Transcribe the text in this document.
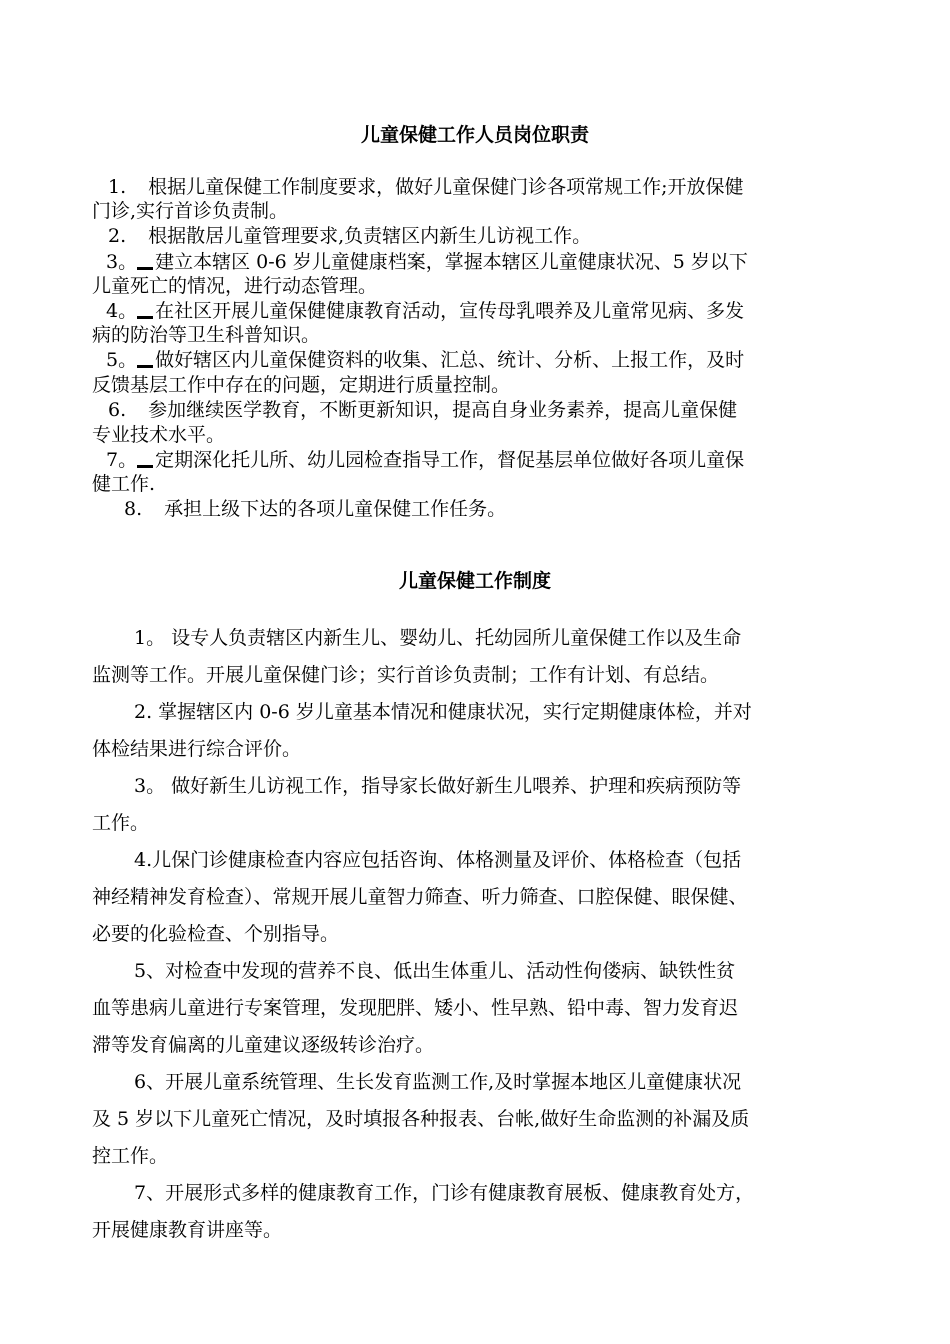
儿童保健工作人员岗位职责
1. 根据儿童保健工作制度要求，做好儿童保健门诊各项常规工作;开放保健
门诊,实行首诊负责制。
2. 根据散居儿童管理要求,负责辖区内新生儿访视工作。
3。 建立本辖区 0-6 岁儿童健康档案，掌握本辖区儿童健康状况、5 岁以下
儿童死亡的情况，进行动态管理。
4。 在社区开展儿童保健健康教育活动，宣传母乳喂养及儿童常见病、多发
病的防治等卫生科普知识。
5。 做好辖区内儿童保健资料的收集、汇总、统计、分析、上报工作，及时
反馈基层工作中存在的问题，定期进行质量控制。
6. 参加继续医学教育，不断更新知识，提高自身业务素养，提高儿童保健
专业技术水平。
7。 定期深化托儿所、幼儿园检查指导工作，督促基层单位做好各项儿童保
健工作.
8. 承担上级下达的各项儿童保健工作任务。
儿童保健工作制度
1。 设专人负责辖区内新生儿、婴幼儿、托幼园所儿童保健工作以及生命
监测等工作。开展儿童保健门诊；实行首诊负责制；工作有计划、有总结。
2. 掌握辖区内 0-6 岁儿童基本情况和健康状况，实行定期健康体检，并对
体检结果进行综合评价。
3。 做好新生儿访视工作，指导家长做好新生儿喂养、护理和疾病预防等
工作。
4.儿保门诊健康检查内容应包括咨询、体格测量及评价、体格检查（包括
神经精神发育检查）、常规开展儿童智力筛查、听力筛查、口腔保健、眼保健、
必要的化验检查、个别指导。
5、对检查中发现的营养不良、低出生体重儿、活动性佝偻病、缺铁性贫
血等患病儿童进行专案管理，发现肥胖、矮小、性早熟、铅中毒、智力发育迟
滞等发育偏离的儿童建议逐级转诊治疗。
6、开展儿童系统管理、生长发育监测工作,及时掌握本地区儿童健康状况
及 5 岁以下儿童死亡情况，及时填报各种报表、台帐,做好生命监测的补漏及质
控工作。
7、开展形式多样的健康教育工作，门诊有健康教育展板、健康教育处方，
开展健康教育讲座等。
